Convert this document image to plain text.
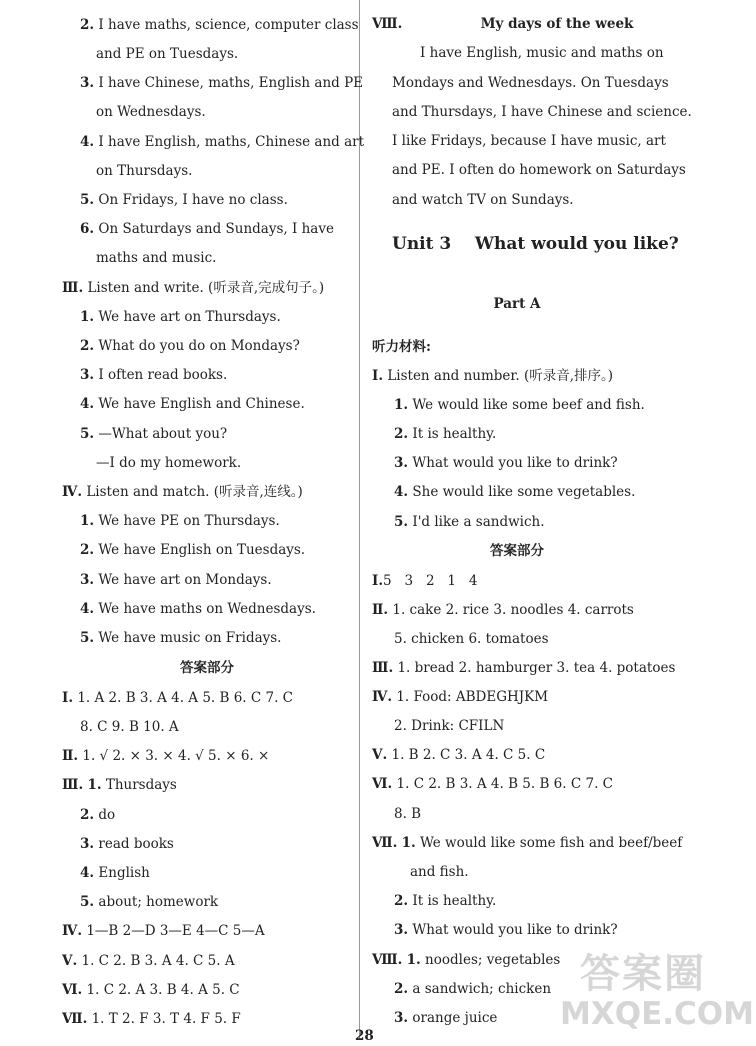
2. I have maths, science, computer class
and PE on Tuesdays.
3. I have Chinese, maths, English and PE
on Wednesdays.
4. I have English, maths, Chinese and art
on Thursdays.
5. On Fridays, I have no class.
6. On Saturdays and Sundays, I have
maths and music.
Ⅲ. Listen and write. (听录音,完成句子。)
1. We have art on Thursdays.
2. What do you do on Mondays?
3. I often read books.
4. We have English and Chinese.
5. —What about you?
—I do my homework.
Ⅳ. Listen and match. (听录音,连线。)
1. We have PE on Thursdays.
2. We have English on Tuesdays.
3. We have art on Mondays.
4. We have maths on Wednesdays.
5. We have music on Fridays.
答案部分
Ⅰ. 1. A 2. B 3. A 4. A 5. B 6. C 7. C
8. C 9. B 10. A
Ⅱ. 1. √ 2. × 3. × 4. √ 5. × 6. ×
Ⅲ. 1. Thursdays
2. do
3. read books
4. English
5. about; homework
Ⅳ. 1—B 2—D 3—E 4—C 5—A
Ⅴ. 1. C 2. B 3. A 4. C 5. A
Ⅵ. 1. C 2. A 3. B 4. A 5. C
Ⅶ. 1. T 2. F 3. T 4. F 5. F
Ⅷ.	My days of the week
I have English, music and maths on
Mondays and Wednesdays. On Tuesdays
and Thursdays, I have Chinese and science.
I like Fridays, because I have music, art
and PE. I often do homework on Saturdays
and watch TV on Sundays.
Unit 3    What would you like?
Part A
听力材料:
Ⅰ. Listen and number. (听录音,排序。)
1. We would like some beef and fish.
2. It is healthy.
3. What would you like to drink?
4. She would like some vegetables.
5. I'd like a sandwich.
答案部分
Ⅰ.5   3   2   1   4
Ⅱ. 1. cake 2. rice 3. noodles 4. carrots
5. chicken 6. tomatoes
Ⅲ. 1. bread 2. hamburger 3. tea 4. potatoes
Ⅳ. 1. Food: ABDEGHJKM
2. Drink: CFILN
Ⅴ. 1. B 2. C 3. A 4. C 5. C
Ⅵ. 1. C 2. B 3. A 4. B 5. B 6. C 7. C
8. B
Ⅶ. 1. We would like some fish and beef/beef
and fish.
2. It is healthy.
3. What would you like to drink?
Ⅷ. 1. noodles; vegetables
2. a sandwich; chicken
3. orange juice
答案圈
MXQE.COM
28
